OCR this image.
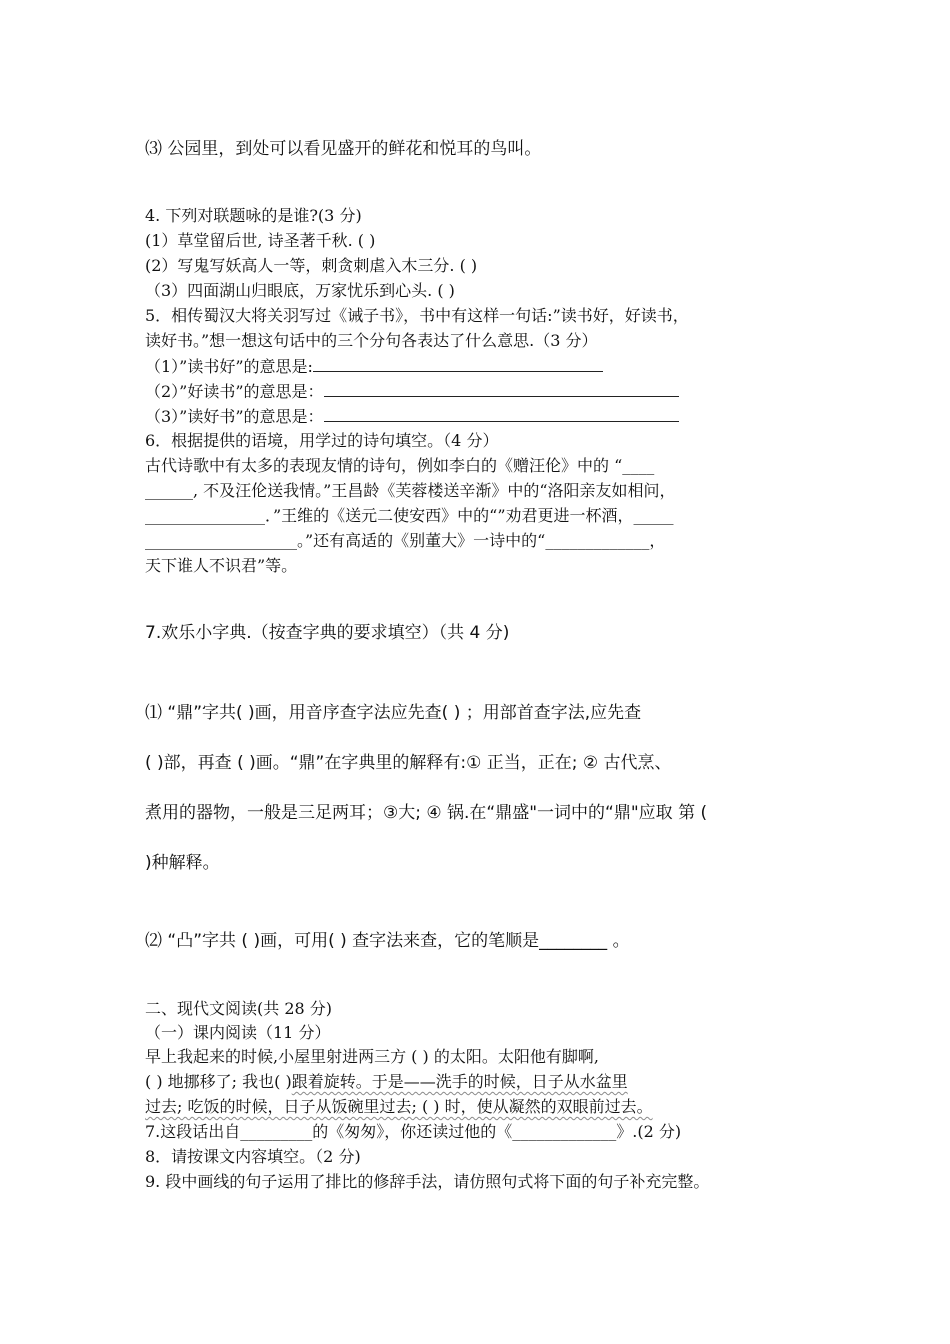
⑶ 公园里，到处可以看见盛开的鲜花和悦耳的鸟叫。
4. 下列对联题咏的是谁?(3 分)
(1）草堂留后世, 诗圣著千秋. ( )
(2）写鬼写妖高人一等，刺贪刺虐入木三分. ( )
（3）四面湖山归眼底，万家忧乐到心头. ( )
5．相传蜀汉大将关羽写过《诫子书》，书中有这样一句话:”读书好，好读书，
读好书。”想一想这句话中的三个分句各表达了什么意思.（3 分）
（1）”读书好”的意思是:
（2）”好读书”的意思是：
（3）”读好书”的意思是：
6．根据提供的语境，用学过的诗句填空。（4 分）
古代诗歌中有太多的表现友情的诗句，例如李白的《赠汪伦》中的 “____
______, 不及汪伦送我情。”王昌龄《芙蓉楼送辛渐》中的“洛阳亲友如相问，
_______________．”王维的《送元二使安西》中的“”劝君更进一杯酒，_____
___________________。”还有高适的《别董大》一诗中的“_____________，
天下谁人不识君”等。
7.欢乐小字典.（按查字典的要求填空）（共 4 分)
⑴ “鼎”字共( )画，用音序查字法应先查( ) ；用部首查字法,应先查
( )部，再查 ( )画。“鼎”在字典里的解释有:① 正当，正在; ② 古代烹、
煮用的器物，一般是三足两耳；③大; ④ 锅.在“鼎盛"一词中的“鼎"应取 第 (
)种解释。
⑵ “凸”字共 ( )画，可用( ) 查字法来查，它的笔顺是________ 。
二、现代文阅读(共 28 分)
（一）课内阅读（11 分）
早上我起来的时候,小屋里射进两三方 ( ) 的太阳。太阳他有脚啊,
( ) 地挪移了; 我也( )跟着旋转。于是——洗手的时候，日子从水盆里
过去; 吃饭的时候，日子从饭碗里过去; ( ) 时，使从凝然的双眼前过去。
7.这段话出自_________的《匆匆》，你还读过他的《_____________》.(2 分)
8．请按课文内容填空。（2 分)
9. 段中画线的句子运用了排比的修辞手法，请仿照句式将下面的句子补充完整。
